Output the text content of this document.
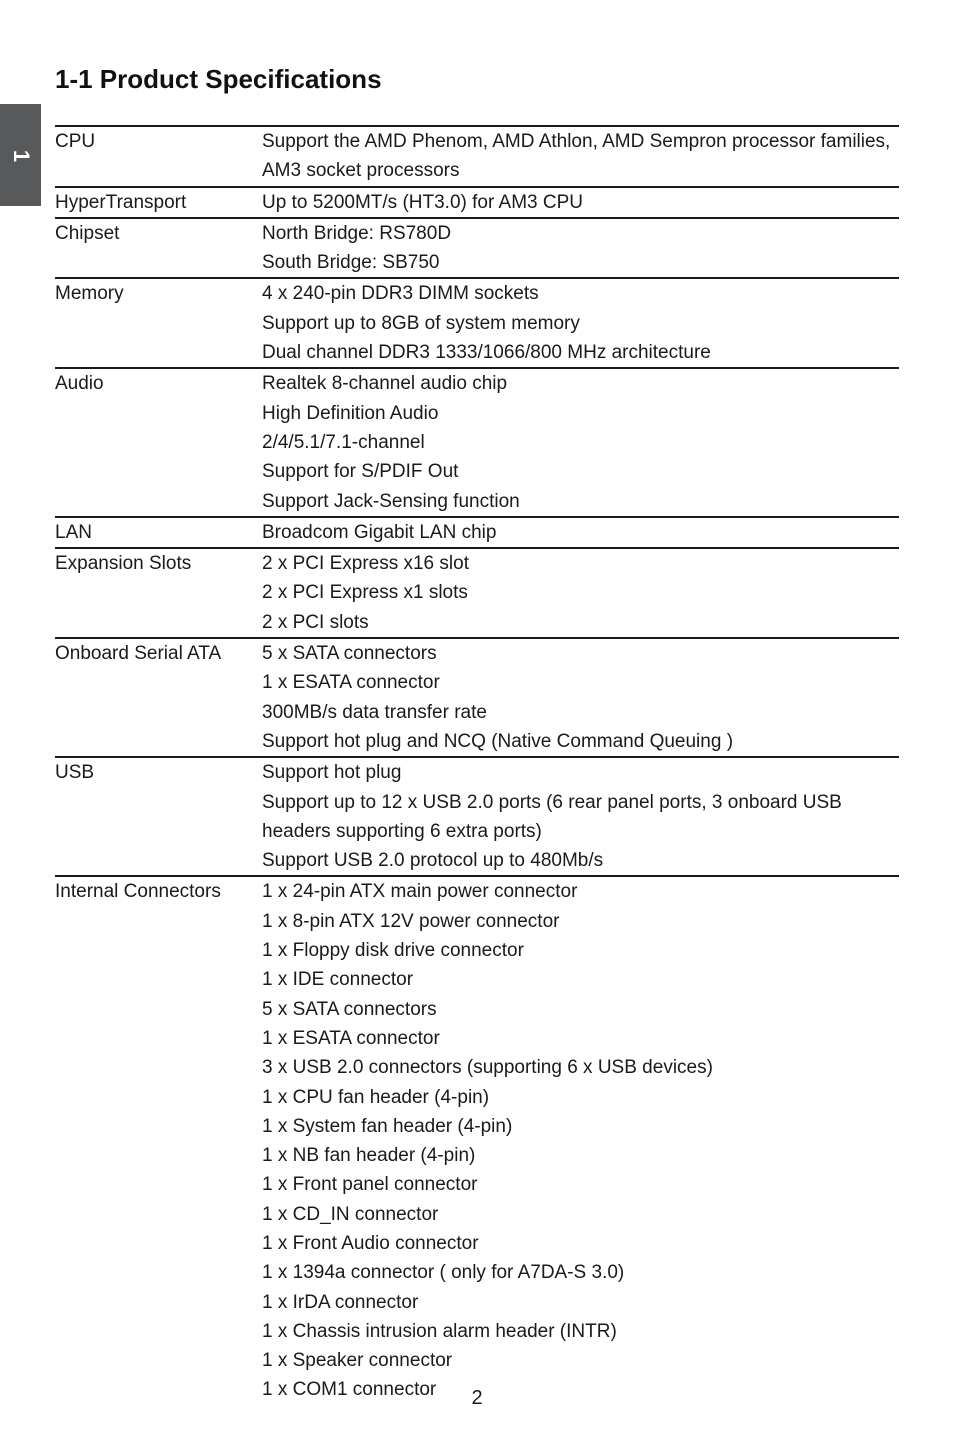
1
1-1 Product Specifications
CPU	Support the AMD Phenom, AMD Athlon, AMD Sempron processor families,
AM3 socket processors
HyperTransport	Up to 5200MT/s (HT3.0) for AM3 CPU
Chipset	North Bridge: RS780D
South Bridge: SB750
Memory	4 x 240-pin DDR3 DIMM sockets
Support up to 8GB of system memory
Dual channel DDR3 1333/1066/800 MHz architecture
Audio	Realtek 8-channel audio chip
High Definition Audio
2/4/5.1/7.1-channel
Support for S/PDIF Out
Support Jack-Sensing function
LAN	Broadcom Gigabit LAN chip
Expansion Slots	2 x PCI Express x16 slot
2 x PCI Express x1 slots
2 x PCI slots
Onboard Serial ATA	5 x SATA connectors
1 x ESATA connector
300MB/s data transfer rate
Support hot plug and NCQ (Native Command Queuing )
USB	Support hot plug
Support up to 12 x USB 2.0 ports (6 rear panel ports, 3 onboard USB
headers supporting 6 extra ports)
Support USB 2.0 protocol up to 480Mb/s
Internal Connectors	1 x 24-pin ATX main power connector
1 x 8-pin ATX 12V power connector
1 x Floppy disk drive connector
1 x IDE connector
5 x SATA connectors
1 x ESATA connector
3 x USB 2.0 connectors (supporting 6 x USB devices)
1 x CPU fan header (4-pin)
1 x System fan header (4-pin)
1 x NB fan header (4-pin)
1 x Front panel connector
1 x CD_IN connector
1 x Front Audio connector
1 x 1394a connector ( only for A7DA-S 3.0)
1 x IrDA connector
1 x Chassis intrusion alarm header (INTR)
1 x Speaker connector
1 x COM1 connector	2
